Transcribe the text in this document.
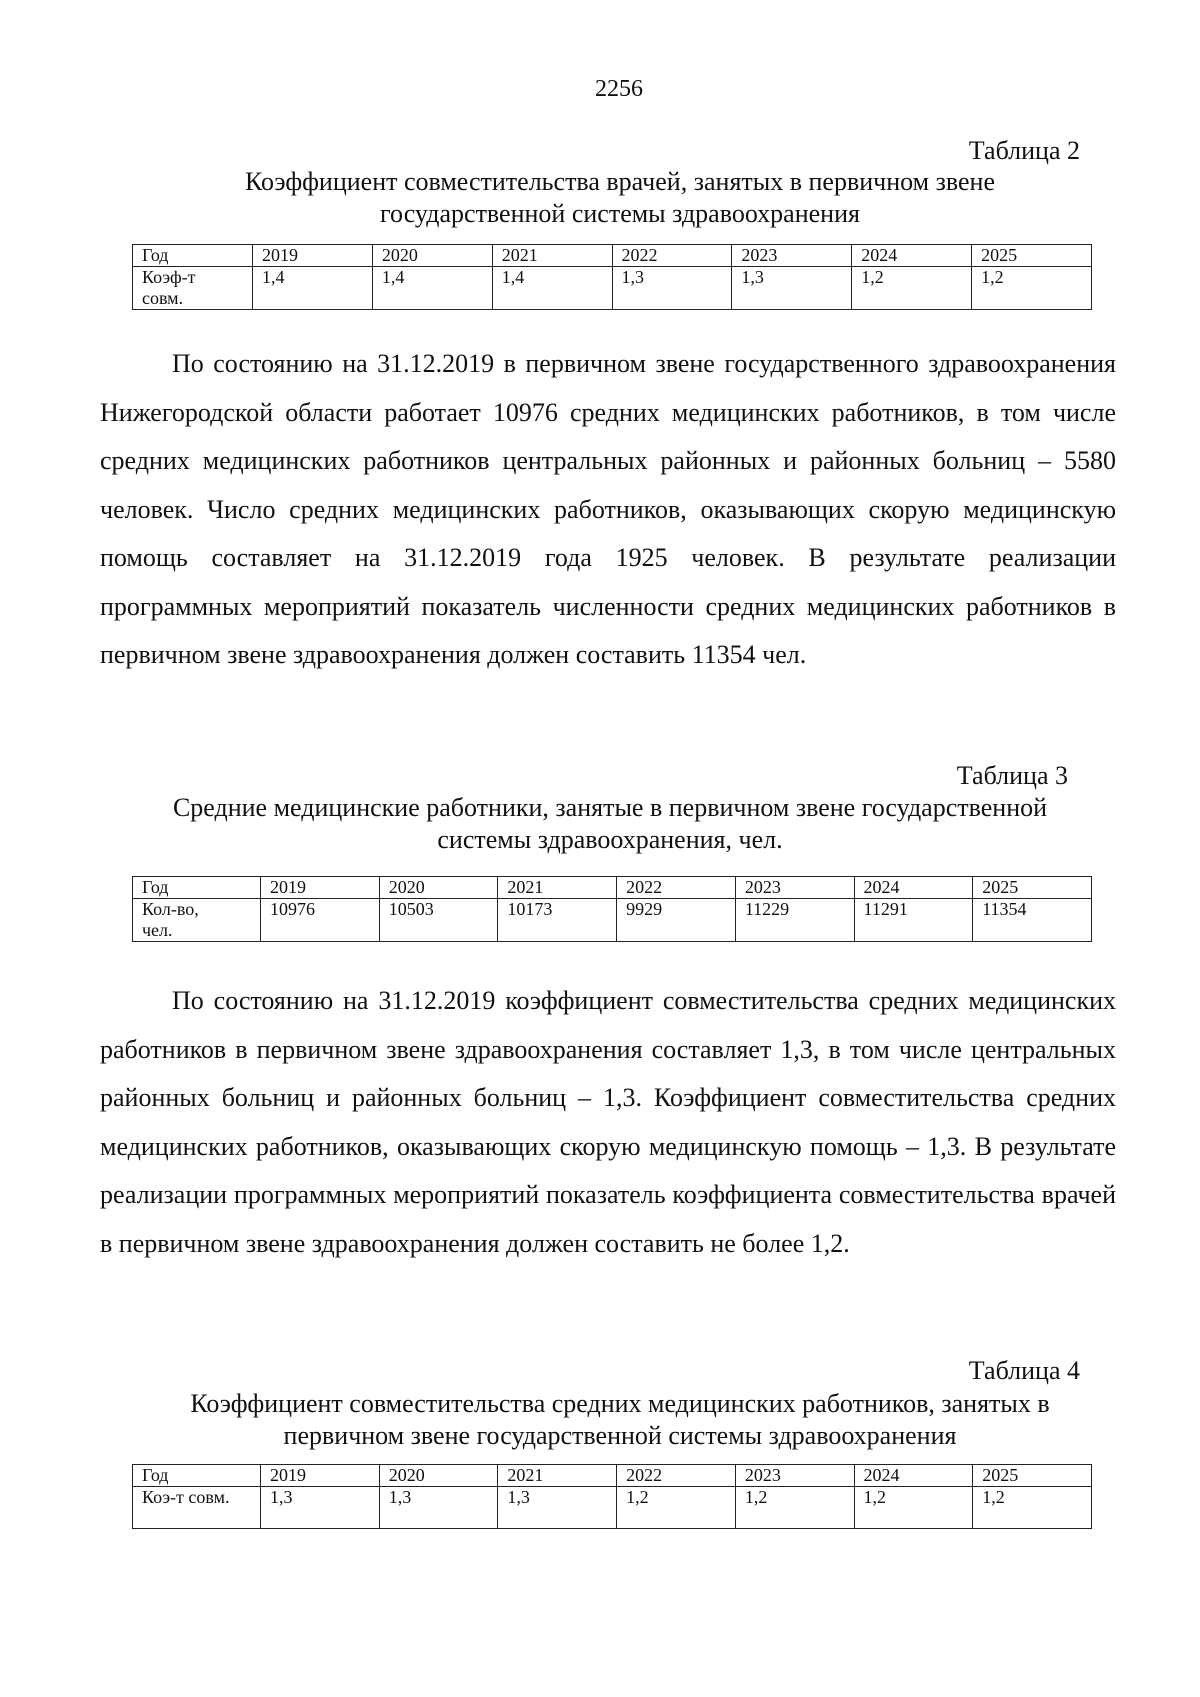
2256
Таблица 2
Коэффициент совместительства врачей, занятых в первичном звене
государственной системы здравоохранения
Год	2019	2020	2021	2022	2023	2024	2025

Коэф-т
совм.	1,4	1,4	1,4	1,3	1,3	1,2	1,2

По состоянию на 31.12.2019 в первичном звене государственного здравоохранения Нижегородской области работает 10976 средних медицинских работников, в том числе средних медицинских работников центральных районных и районных больниц – 5580 человек. Число средних медицинских работников, оказывающих скорую медицинскую помощь составляет на 31.12.2019 года 1925 человек. В результате реализации программных мероприятий показатель численности средних медицинских работников в первичном звене здравоохранения должен составить 11354 чел.

Таблица 3
Средние медицинские работники, занятые в первичном звене государственной
системы здравоохранения, чел.
Год	2019	2020	2021	2022	2023	2024	2025

Кол-во,
чел.	10976	10503	10173	9929	11229	11291	11354

По состоянию на 31.12.2019 коэффициент совместительства средних медицинских работников в первичном звене здравоохранения составляет 1,3, в том числе центральных районных больниц и районных больниц – 1,3. Коэффициент совместительства средних медицинских работников, оказывающих скорую медицинскую помощь – 1,3. В результате реализации программных мероприятий показатель коэффициента совместительства врачей в первичном звене здравоохранения должен составить не более 1,2.

Таблица 4
Коэффициент совместительства средних медицинских работников, занятых в
первичном звене государственной системы здравоохранения
Год	2019	2020	2021	2022	2023	2024	2025
Коэ-т совм.	1,3	1,3	1,3	1,2	1,2	1,2	1,2
